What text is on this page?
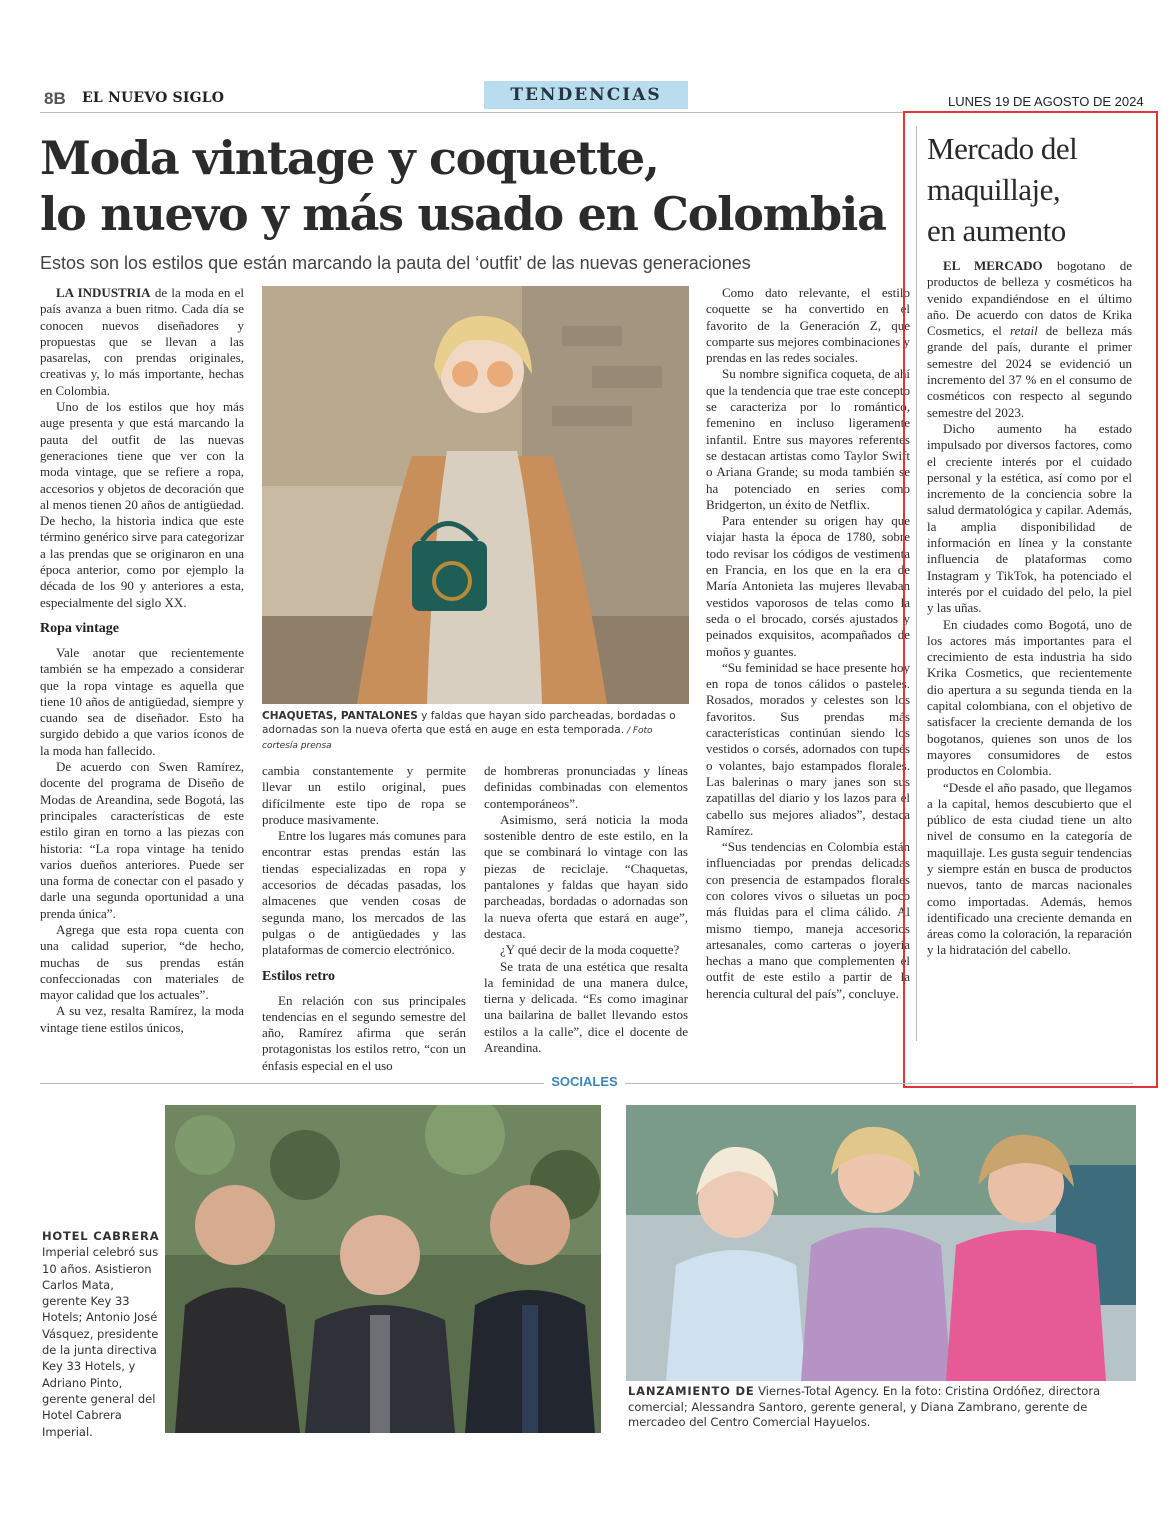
8B EL NUEVO SIGLO	TENDENCIAS	LUNES 19 DE AGOSTO DE 2024
Moda vintage y coquette,
lo nuevo y más usado en Colombia

Estos son los estilos que están marcando la pauta del ‘outfit’ de las nuevas generaciones

LA INDUSTRIA de la moda en el país avanza a buen ritmo. Cada día se conocen nuevos diseñadores y propuestas que se llevan a las pasarelas, con prendas originales, creativas y, lo más importante, hechas en Colombia.

Uno de los estilos que hoy más auge presenta y que está marcando la pauta del outfit de las nuevas generaciones tiene que ver con la moda vintage, que se refiere a ropa, accesorios y objetos de decoración que al menos tienen 20 años de antigüedad. De hecho, la historia indica que este término genérico sirve para categorizar a las prendas que se originaron en una época anterior, como por ejemplo la década de los 90 y anteriores a esta, especialmente del siglo XX.

Ropa vintage

Vale anotar que recientemente también se ha empezado a considerar que la ropa vintage es aquella que tiene 10 años de antigüedad, siempre y cuando sea de diseñador. Esto ha surgido debido a que varios íconos de la moda han fallecido.

De acuerdo con Swen Ramírez, docente del programa de Diseño de Modas de Areandina, sede Bogotá, las principales características de este estilo giran en torno a las piezas con historia: “La ropa vintage ha tenido varios dueños anteriores. Puede ser una forma de conectar con el pasado y darle una segunda oportunidad a una prenda única”.

Agrega que esta ropa cuenta con una calidad superior, “de hecho, muchas de sus prendas están confeccionadas con materiales de mayor calidad que los actuales”.

A su vez, resalta Ramírez, la moda vintage tiene estilos únicos,

CHAQUETAS, PANTALONES y faldas que hayan sido parcheadas, bordadas o adornadas son la nueva oferta que está en auge en esta temporada. / Foto cortesía prensa

cambia constantemente y permite llevar un estilo original, pues difícilmente este tipo de ropa se produce masivamente.

Entre los lugares más comunes para encontrar estas prendas están las tiendas especializadas en ropa y accesorios de décadas pasadas, los almacenes que venden cosas de segunda mano, los mercados de las pulgas o de antigüedades y las plataformas de comercio electrónico.

Estilos retro

En relación con sus principales tendencias en el segundo semestre del año, Ramírez afirma que serán protagonistas los estilos retro, “con un énfasis especial en el uso

de hombreras pronunciadas y líneas definidas combinadas con elementos contemporáneos”.

Asimismo, será noticia la moda sostenible dentro de este estilo, en la que se combinará lo vintage con las piezas de reciclaje. “Chaquetas, pantalones y faldas que hayan sido parcheadas, bordadas o adornadas son la nueva oferta que estará en auge”, destaca.

¿Y qué decir de la moda coquette?

Se trata de una estética que resalta la feminidad de una manera dulce, tierna y delicada. “Es como imaginar una bailarina de ballet llevando estos estilos a la calle”, dice el docente de Areandina.

Como dato relevante, el estilo coquette se ha convertido en el favorito de la Generación Z, que comparte sus mejores combinaciones y prendas en las redes sociales.

Su nombre significa coqueta, de ahí que la tendencia que trae este concepto se caracteriza por lo romántico, femenino en incluso ligeramente infantil. Entre sus mayores referentes se destacan artistas como Taylor Swift o Ariana Grande; su moda también se ha potenciado en series como Bridgerton, un éxito de Netflix.

Para entender su origen hay que viajar hasta la época de 1780, sobre todo revisar los códigos de vestimenta en Francia, en los que en la era de María Antonieta las mujeres llevaban vestidos vaporosos de telas como la seda o el brocado, corsés ajustados y peinados exquisitos, acompañados de moños y guantes.

“Su feminidad se hace presente hoy en ropa de tonos cálidos o pasteles. Rosados, morados y celestes son los favoritos. Sus prendas más características continúan siendo los vestidos o corsés, adornados con tupés o volantes, bajo estampados florales. Las balerinas o mary janes son sus zapatillas del diario y los lazos para el cabello sus mejores aliados”, destaca Ramírez.

“Sus tendencias en Colombia están influenciadas por prendas delicadas con presencia de estampados florales con colores vivos o siluetas un poco más fluidas para el clima cálido. Al mismo tiempo, maneja accesorios artesanales, como carteras o joyería hechas a mano que complementen el outfit de este estilo a partir de la herencia cultural del país”, concluye.

Mercado del
maquillaje,
en aumento

EL MERCADO bogotano de productos de belleza y cosméticos ha venido expandiéndose en el último año. De acuerdo con datos de Krika Cosmetics, el retail de belleza más grande del país, durante el primer semestre del 2024 se evidenció un incremento del 37 % en el consumo de cosméticos con respecto al segundo semestre del 2023.

Dicho aumento ha estado impulsado por diversos factores, como el creciente interés por el cuidado personal y la estética, así como por el incremento de la conciencia sobre la salud dermatológica y capilar. Además, la amplia disponibilidad de información en línea y la constante influencia de plataformas como Instagram y TikTok, ha potenciado el interés por el cuidado del pelo, la piel y las uñas.

En ciudades como Bogotá, uno de los actores más importantes para el crecimiento de esta industria ha sido Krika Cosmetics, que recientemente dio apertura a su segunda tienda en la capital colombiana, con el objetivo de satisfacer la creciente demanda de los bogotanos, quienes son unos de los mayores consumidores de estos productos en Colombia.

“Desde el año pasado, que llegamos a la capital, hemos descubierto que el público de esta ciudad tiene un alto nivel de consumo en la categoría de maquillaje. Les gusta seguir tendencias y siempre están en busca de productos nuevos, tanto de marcas nacionales como importadas. Además, hemos identificado una creciente demanda en áreas como la coloración, la reparación y la hidratación del cabello.

SOCIALES

HOTEL CABRERA Imperial celebró sus 10 años. Asistieron Carlos Mata, gerente Key 33 Hotels; Antonio José Vásquez, presidente de la junta directiva Key 33 Hotels, y Adriano Pinto, gerente general del Hotel Cabrera Imperial.

LANZAMIENTO DE Viernes-Total Agency. En la foto: Cristina Ordóñez, directora comercial; Alessandra Santoro, gerente general, y Diana Zambrano, gerente de mercadeo del Centro Comercial Hayuelos.
